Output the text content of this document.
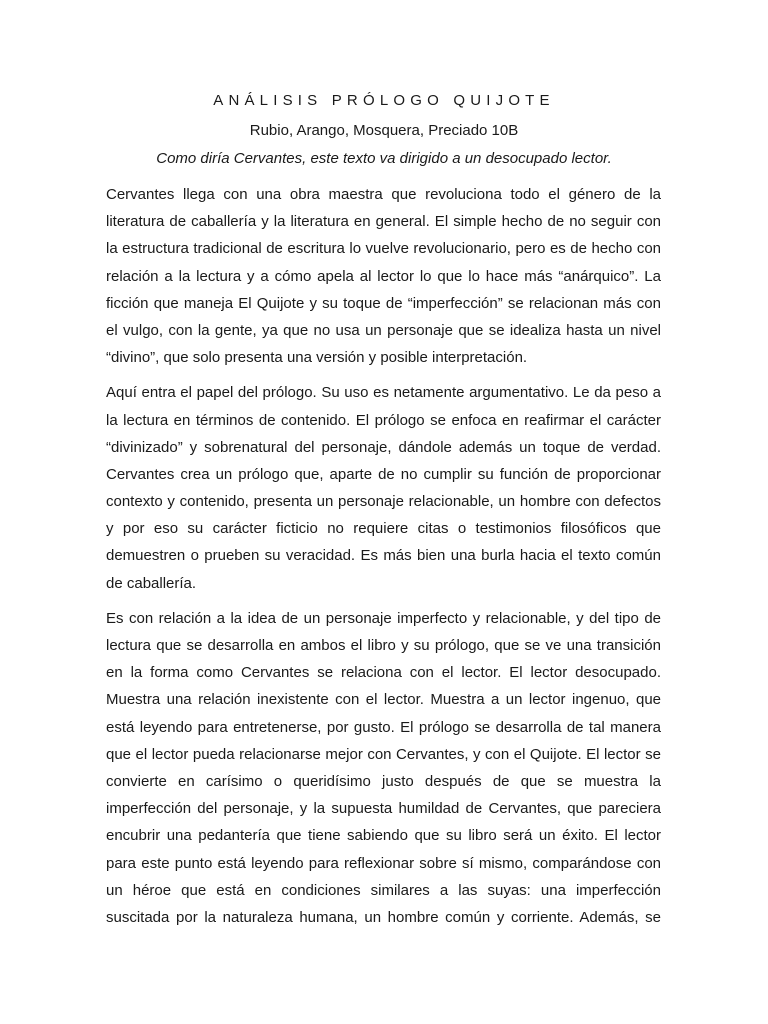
ANÁLISIS PRÓLOGO QUIJOTE
Rubio, Arango, Mosquera, Preciado 10B
Como diría Cervantes, este texto va dirigido a un desocupado lector.
Cervantes llega con una obra maestra que revoluciona todo el género de la
literatura de caballería y la literatura en general. El simple hecho de no seguir con
la estructura tradicional de escritura lo vuelve revolucionario, pero es de hecho con
relación a la lectura y a cómo apela al lector lo que lo hace más “anárquico”. La
ficción que maneja El Quijote y su toque de “imperfección” se relacionan más con
el vulgo, con la gente, ya que no usa un personaje que se idealiza hasta un nivel
“divino”, que solo presenta una versión y posible interpretación.
Aquí entra el papel del prólogo. Su uso es netamente argumentativo. Le da peso a
la lectura en términos de contenido. El prólogo se enfoca en reafirmar el carácter
“divinizado” y sobrenatural del personaje, dándole además un toque de verdad.
Cervantes crea un prólogo que, aparte de no cumplir su función de proporcionar
contexto y contenido, presenta un personaje relacionable, un hombre con defectos
y por eso su carácter ficticio no requiere citas o testimonios filosóficos que
demuestren o prueben su veracidad. Es más bien una burla hacia el texto común
de caballería.
Es con relación a la idea de un personaje imperfecto y relacionable, y del tipo de
lectura que se desarrolla en ambos el libro y su prólogo, que se ve una transición
en la forma como Cervantes se relaciona con el lector. El lector desocupado.
Muestra una relación inexistente con el lector. Muestra a un lector ingenuo, que
está leyendo para entretenerse, por gusto. El prólogo se desarrolla de tal manera
que el lector pueda relacionarse mejor con Cervantes, y con el Quijote. El lector se
convierte en carísimo o queridísimo justo después de que se muestra la
imperfección del personaje, y la supuesta humildad de Cervantes, que pareciera
encubrir una pedantería que tiene sabiendo que su libro será un éxito. El lector
para este punto está leyendo para reflexionar sobre sí mismo, comparándose con
un héroe que está en condiciones similares a las suyas: una imperfección
suscitada por la naturaleza humana, un hombre común y corriente. Además, se
